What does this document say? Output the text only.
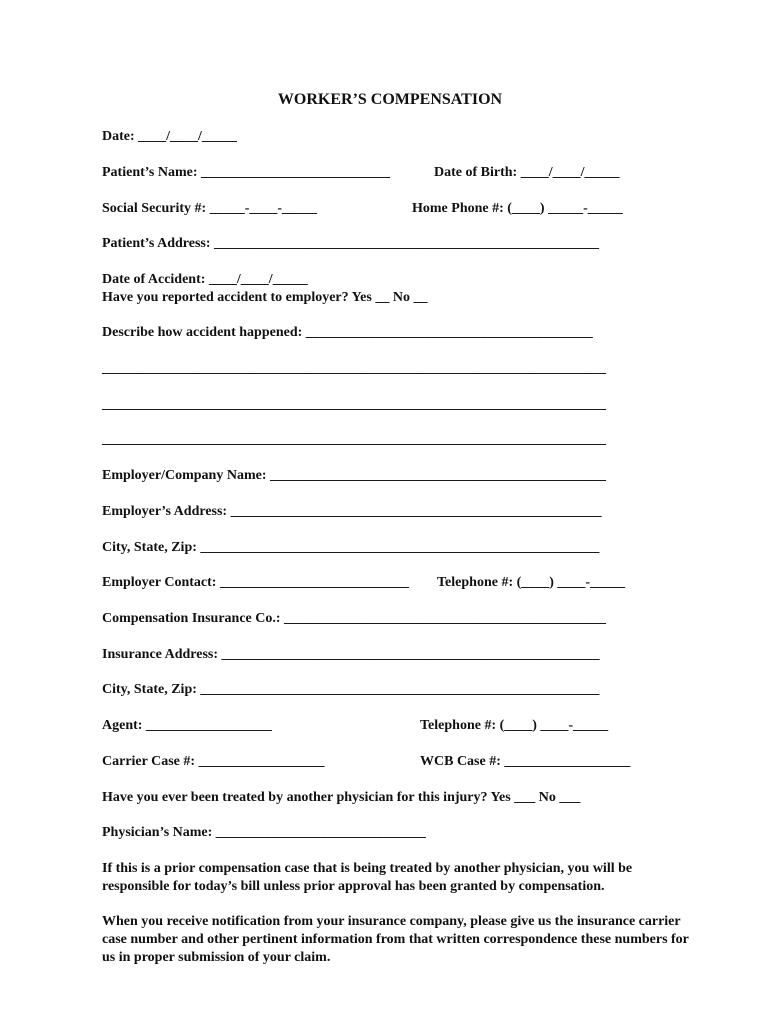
WORKER’S COMPENSATION
Date: ____/____/_____
Patient’s Name: ___________________________	Date of Birth: ____/____/_____
Social Security #: _____-____-_____	Home Phone #: (____) _____-_____
Patient’s Address: _______________________________________________________
Date of Accident: ____/____/_____
Have you reported accident to employer? Yes __ No __
Describe how accident happened: _________________________________________
________________________________________________________________________
________________________________________________________________________
________________________________________________________________________
Employer/Company Name: ________________________________________________
Employer’s Address: _____________________________________________________
City, State, Zip: _________________________________________________________
Employer Contact: ___________________________ Telephone #: (____) ____-_____
Compensation Insurance Co.: ______________________________________________
Insurance Address: ______________________________________________________
City, State, Zip: _________________________________________________________
Agent: __________________	Telephone #: (____) ____-_____
Carrier Case #: __________________	WCB Case #: __________________
Have you ever been treated by another physician for this injury? Yes ___ No ___
Physician’s Name: ______________________________
If this is a prior compensation case that is being treated by another physician, you will be responsible for today’s bill unless prior approval has been granted by compensation.
When you receive notification from your insurance company, please give us the insurance carrier case number and other pertinent information from that written correspondence these numbers for us in proper submission of your claim.
